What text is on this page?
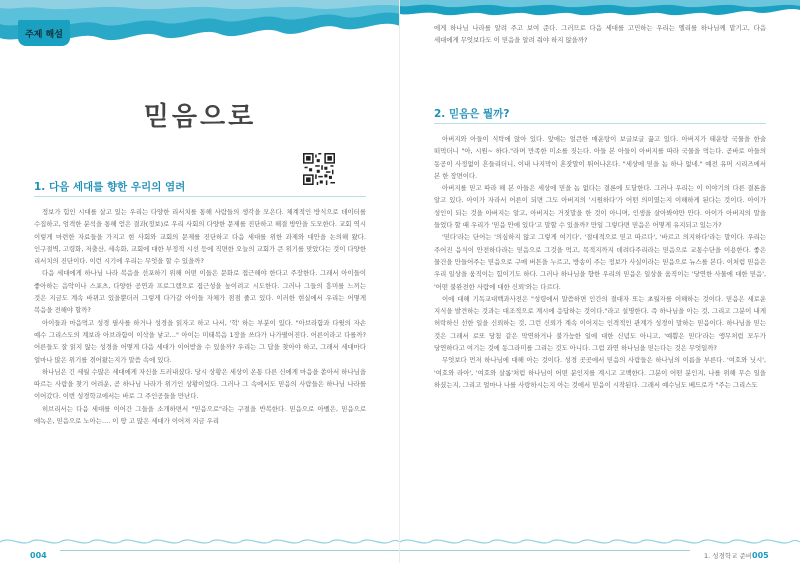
주제 해설
믿음으로
1. 다음 세대를 향한 우리의 염려

정보가 힘인 시대를 살고 있는 우리는 다양한 리서치를 통해 사람들의 생각을 모은다. 체계적인 방식으로 데이터를 수집하고, 엄격한 분석을 통해 얻은 결과(정보)로 우리 사회의 다양한 문제를 진단하고 해결 방안을 도모한다. 교회 역시 이렇게 마련한 자료들을 가지고 현 사회와 교회의 문제를 진단하고 다음 세대를 위한 과제와 대안을 논의해 왔다. 인구절벽, 고령화, 저출산, 세속화, 교회에 대한 부정적 시선 등에 직면한 오늘의 교회가 큰 위기를 맞았다는 것이 다양한 리서치의 진단이다. 이런 시기에 우리는 무엇을 할 수 있을까?

다음 세대에게 하나님 나라 복음을 선포하기 위해 어떤 이들은 문화로 접근해야 한다고 주장한다. 그래서 아이들이 좋아하는 음악이나 스포츠, 다양한 공연과 프로그램으로 접근성을 높이려고 시도한다. 그러나 그들의 흥미를 느끼는 것은 지금도 계속 바뀌고 있을뿐더러 그렇게 다가갈 아이들 자체가 점점 줄고 있다. 이러한 현실에서 우리는 어떻게 복음을 전해야 할까?

아이들과 마음먹고 성경 필사를 하거나 성경을 읽자고 하고 나서, '헉' 하는 부분이 있다. "아브라함과 다윗의 자손 예수 그리스도의 계보라 아브라함이 이삭을 낳고…" 아이는 미태복음 1장을 쓰다가 나가떨어진다. 어른이라고 다를까? 어른들도 잘 읽지 않는 성경을 어떻게 다음 세대가 이어받을 수 있을까? 우리는 그 답을 찾아야 하고, 그래서 세대마다 얼마나 많은 위기를 겪어왔는지가 말씀 속에 있다.

하나님은 긴 세월 수많은 세대에게 자신을 드러내셨다. 당시 상황은 세상이 온통 다른 신에게 마음을 쏟아서 하나님을 따르는 사람을 찾기 어려운, 곧 하나님 나라가 위기인 상황이었다. 그러나 그 속에서도 믿음의 사람들은 하나님 나라를 이어갔다. 이번 성경학교에서는 바로 그 주인공들을 만난다.

히브리서는 다음 세대를 이어간 그들을 소개하면서 "믿음으로"라는 구절을 반복한다. 믿음으로 아벨은, 믿음으로 에녹은, 믿음으로 노아는…. 이 땅 고 많은 세대가 이어져 지금 우리

004

에게 하나님 나라를 알려 주고 보여 준다. 그러므로 다음 세대를 고민하는 우리는 엘리를 하나님께 맡기고, 다음 세대에게 무엇보다도 이 믿음을 알려 줘야 하지 않을까?

2. 믿음은 뭘까?

아버지와 아들이 식탁에 앉아 있다. 앞에는 얼큰한 매운탕이 보글보글 끓고 있다. 아버지가 태운탕 국물을 한술 떠먹더니 "아, 시원~ 하다."라며 만족한 미소를 짓는다. 아들 본 아들이 아버지를 따라 국물을 먹는다. 곧바로 아들의 동공이 사정없이 흔들리더니, 이내 나지막이 혼잣말이 튀어나온다. "세상에 믿을 놈 하나 없네." 예전 유머 시리즈에서 본 한 장면이다.

아버지를 믿고 따라 해 본 아들은 세상에 믿을 놈 없다는 결론에 도달한다. 그러나 우리는 이 이야기의 다른 결론을 알고 있다. 아이가 자라서 어른이 되면 그도 아버지의 '시원하다'가 어떤 의미였는지 이해하게 된다는 것이다. 아이가 성인이 되는 것을 아버지는 알고, 아버지는 거짓말을 한 것이 아니며, 인생을 살아봐야만 안다. 아이가 아버지의 말을 들었다 할 때 우리가 '믿음 안에 있다'고 말할 수 있을까? 만일 그렇다면 믿음은 어떻게 유지되고 있는가?

'믿다'라는 단어는 '의심하지 않고 그렇게 여기다', '절대적으로 믿고 따르다', '바르고 의지하다'라는 말이다. 우리는 주어진 음식이 안전하다라는 믿음으로 그것을 먹고, 목적지까지 데려다주리라는 믿음으로 교통수단을 이용한다. 좋은 물건을 만들어주는 믿음으로 구매 버튼을 누르고, 방송이 주는 정보가 사실이라는 믿음으로 뉴스를 본다. 이처럼 믿음은 우리 일상을 움직이는 힘이기도 하다. 그러나 하나님을 향한 우리의 믿음은 일상을 움직이는 '당연한 사물에 대한 믿음', '어떤 불완전한 사람에 대한 신뢰'와는 다르다.

이에 대해 기독교대백과사전은 "성령에서 말씀하면 인간의 절대자 또는 초월자를 이해하는 것이다. 믿음은 새로운 지식을 발견하는 것과는 대조적으로 계시에 응답하는 것이다."라고 설명한다. 즉 하나님을 아는 것, 그리고 그분이 내게 허락하신 선한 일을 신뢰하는 것, 그런 신뢰가 계속 이어지는 인격적인 관계가 성경이 말하는 믿음이다. 하나님을 믿는 것은 그래서 로또 당첨 같은 막연하거나 불가능한 일에 대한 신념도 아니고, '예쁨은 믿다'라는 앵무처럼 모두가 당연하다고 여기는 것에 동그라미를 그리는 것도 아니다. 그럼 과연 하나님을 믿는다는 것은 무엇일까?

무엇보다 먼저 하나님에 대해 아는 것이다. 성경 곳곳에서 믿음의 사람들은 하나님의 이름을 부른다. '여호와 닛시', '여호와 라아', '여호와 살롬'처럼 하나님이 어떤 분인지를 계시고 고백한다. 그분이 어떤 분인지, 나를 위해 무슨 일을 하셨는지, 그리고 얼마나 나를 사랑하시는지 아는 것에서 믿음이 시작된다. 그래서 예수님도 베드로가 "주는 그리스도

1. 성경학교 준비 005
